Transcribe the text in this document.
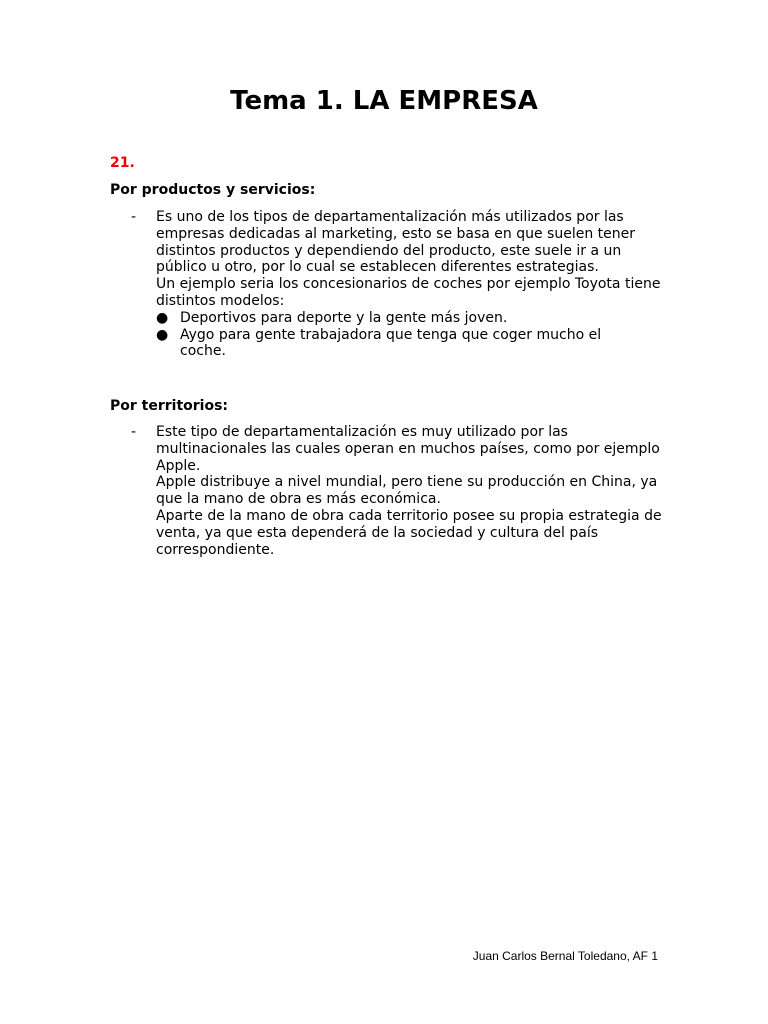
Tema 1. LA EMPRESA
21.
Por productos y servicios:
- Es uno de los tipos de departamentalización más utilizados por las empresas dedicadas al marketing, esto se basa en que suelen tener distintos productos y dependiendo del producto, este suele ir a un público u otro, por lo cual se establecen diferentes estrategias.

Un ejemplo seria los concesionarios de coches por ejemplo Toyota tiene distintos modelos:

● Deportivos para deporte y la gente más joven.
● Aygo para gente trabajadora que tenga que coger mucho el coche.
Por territorios:
- Este tipo de departamentalización es muy utilizado por las multinacionales las cuales operan en muchos países, como por ejemplo Apple.

Apple distribuye a nivel mundial, pero tiene su producción en China, ya que la mano de obra es más económica.

Aparte de la mano de obra cada territorio posee su propia estrategia de venta, ya que esta dependerá de la sociedad y cultura del país correspondiente.

Juan Carlos Bernal Toledano, AF 1
